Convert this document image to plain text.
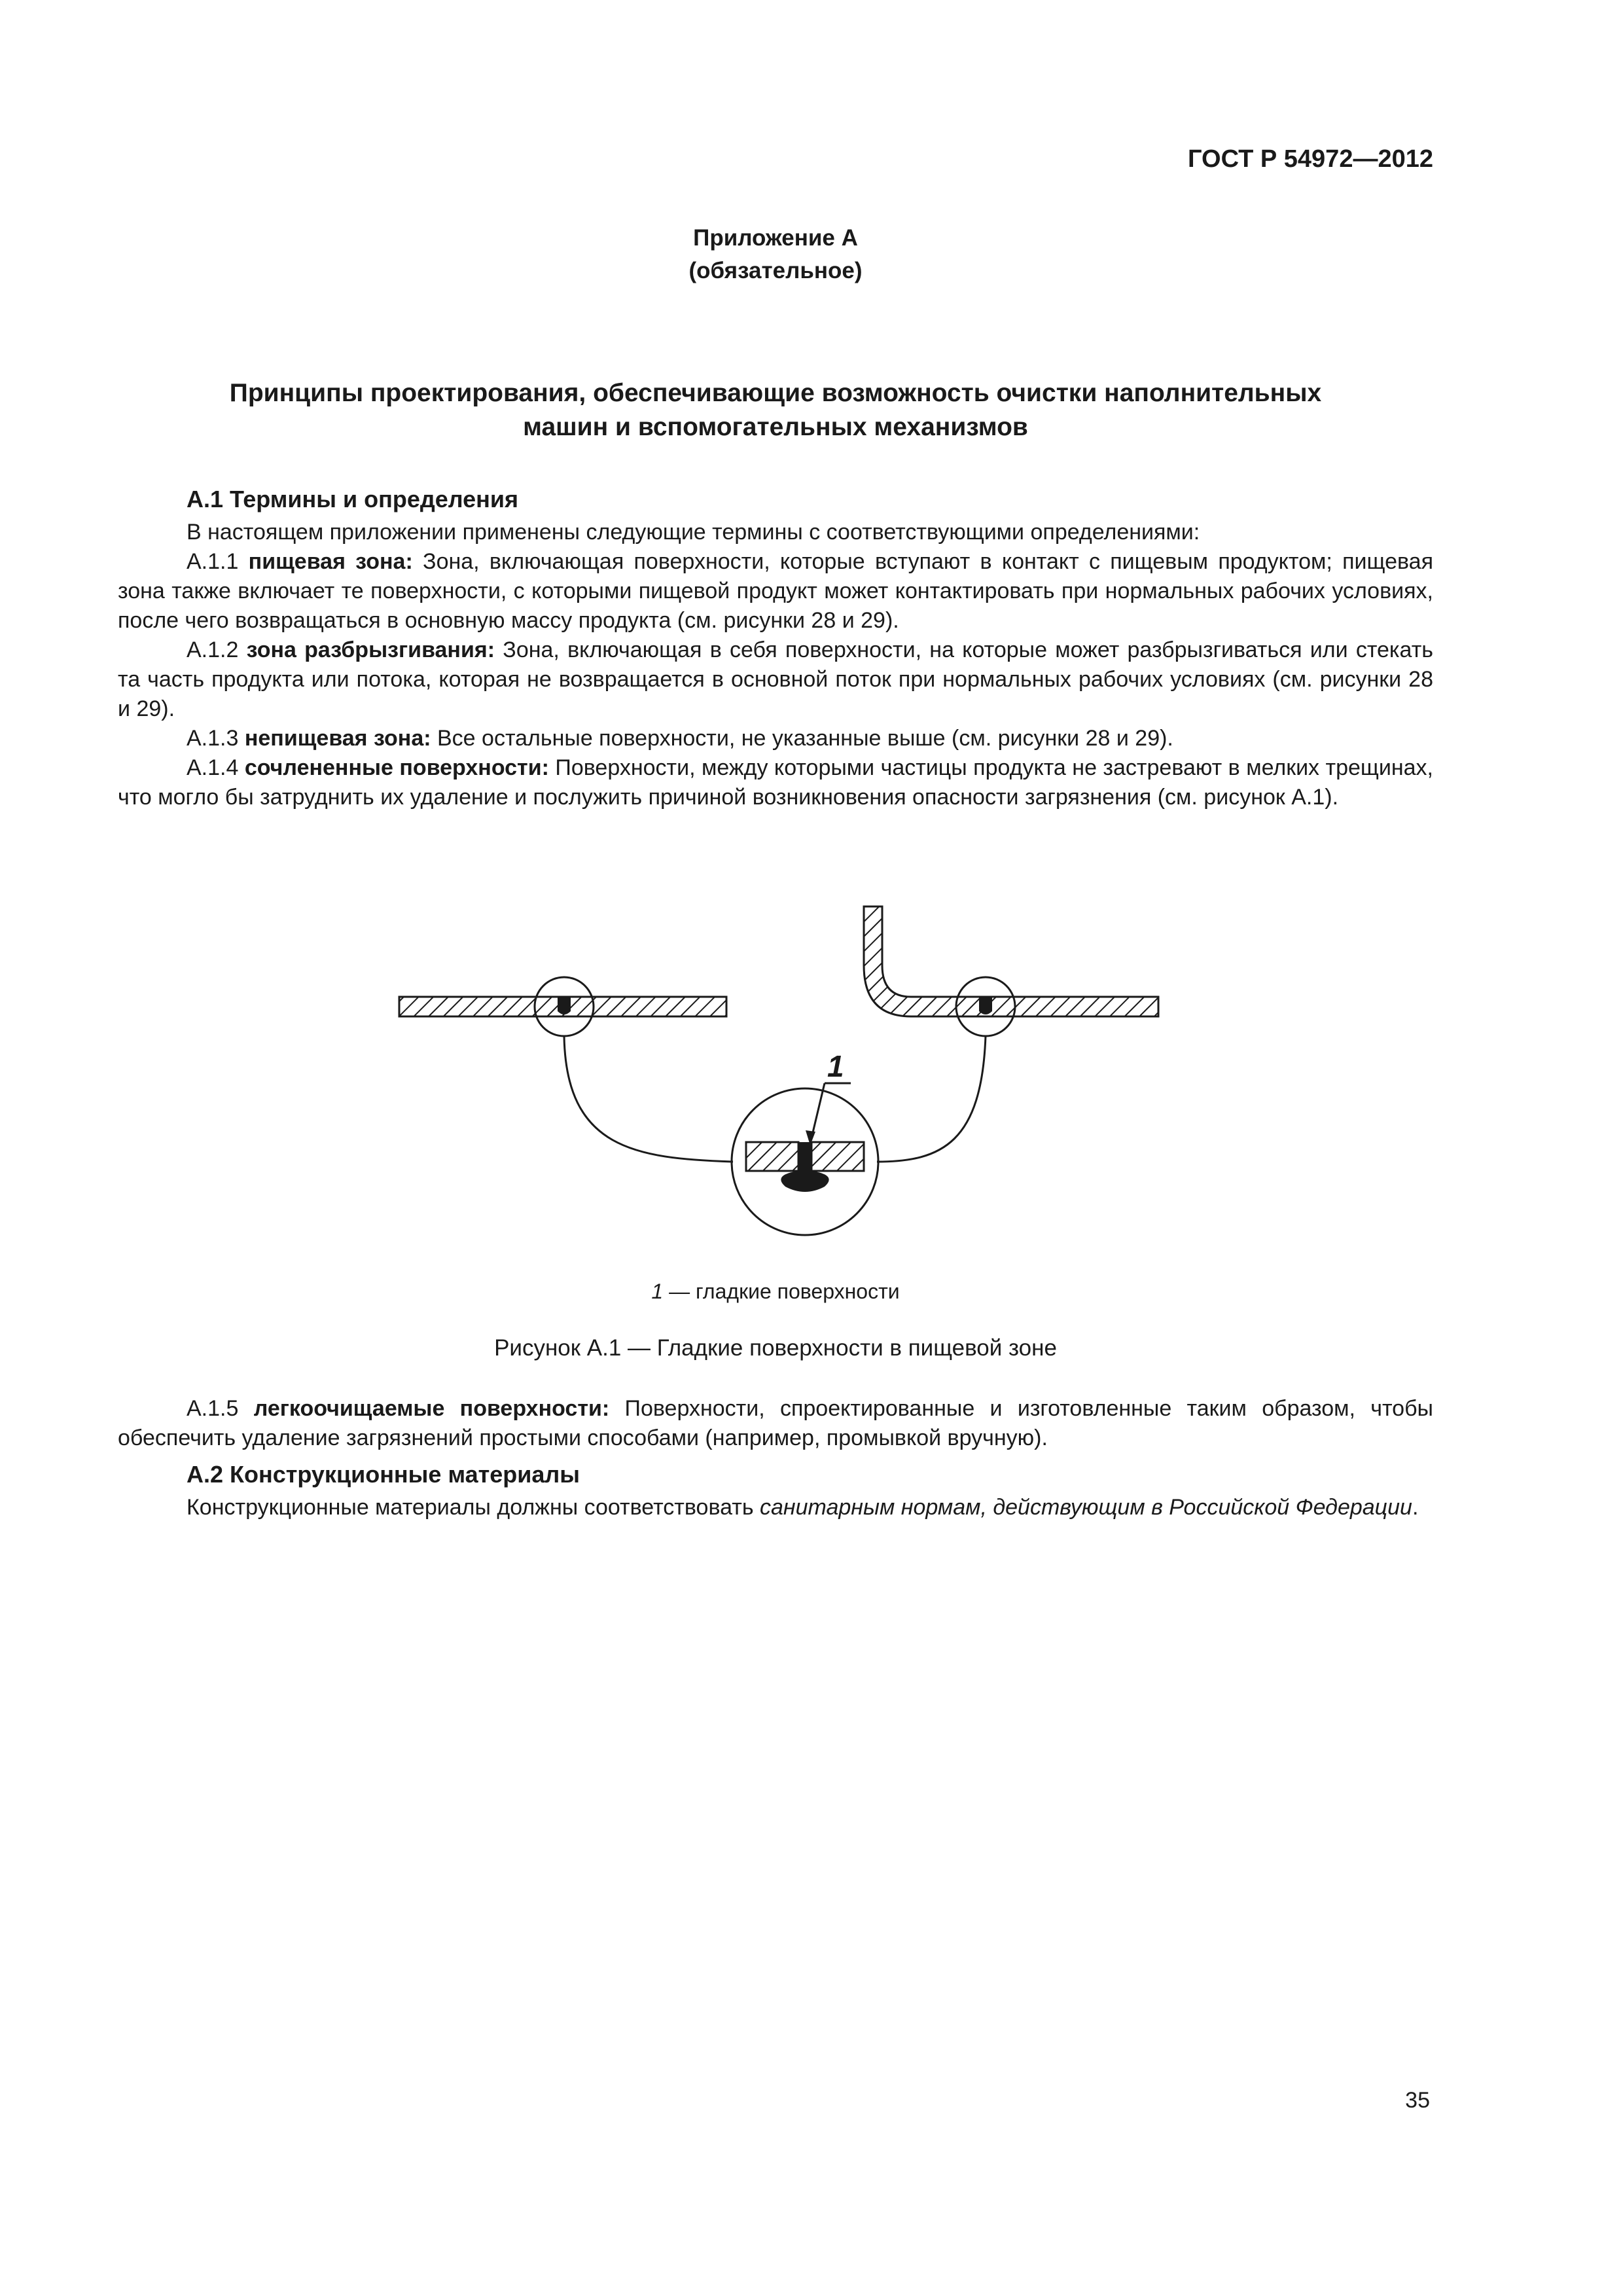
ГОСТ Р 54972—2012
Приложение А
(обязательное)
Принципы проектирования, обеспечивающие возможность очистки наполнительных
машин и вспомогательных механизмов

А.1 Термины и определения

В настоящем приложении применены следующие термины с соответствующими определениями:

А.1.1 пищевая зона: Зона, включающая поверхности, которые вступают в контакт с пищевым продуктом; пищевая зона также включает те поверхности, с которыми пищевой продукт может контактировать при нормальных рабочих условиях, после чего возвращаться в основную массу продукта (см. рисунки 28 и 29).

А.1.2 зона разбрызгивания: Зона, включающая в себя поверхности, на которые может разбрызгиваться или стекать та часть продукта или потока, которая не возвращается в основной поток при нормальных рабочих условиях (см. рисунки 28 и 29).

А.1.3 непищевая зона: Все остальные поверхности, не указанные выше (см. рисунки 28 и 29).

А.1.4 сочлененные поверхности: Поверхности, между которыми частицы продукта не застревают в мелких трещинах, что могло бы затруднить их удаление и послужить причиной возникновения опасности загрязнения (см. рисунок А.1).

1
1 — гладкие поверхности
Рисунок А.1 — Гладкие поверхности в пищевой зоне

А.1.5 легкоочищаемые поверхности: Поверхности, спроектированные и изготовленные таким образом, чтобы обеспечить удаление загрязнений простыми способами (например, промывкой вручную).

А.2 Конструкционные материалы

Конструкционные материалы должны соответствовать санитарным нормам, действующим в Российской Федерации.

35
